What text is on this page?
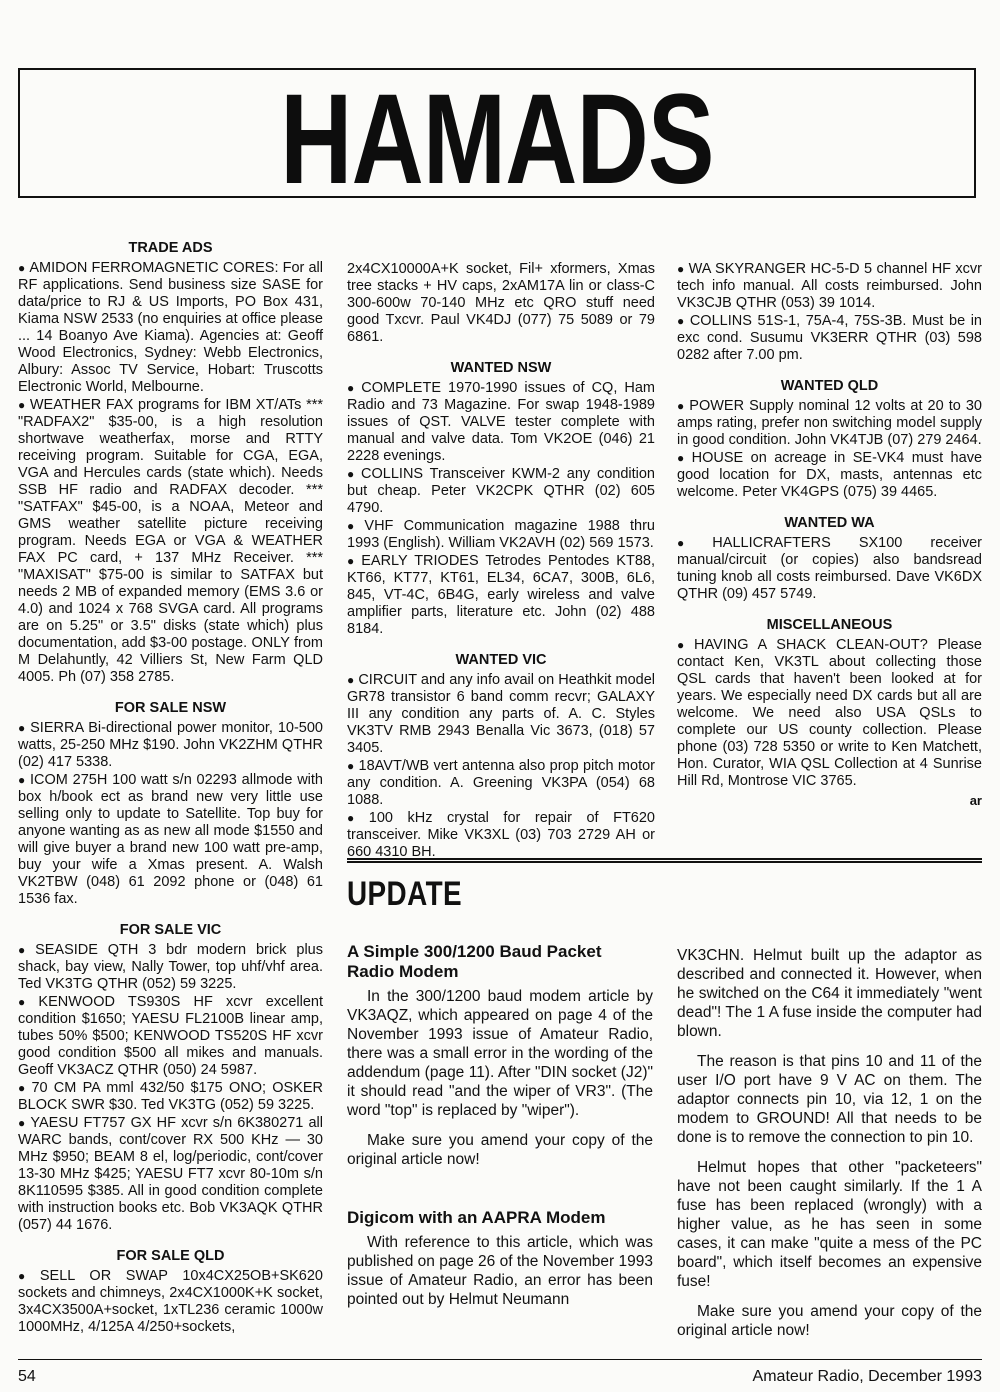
HAMADS
TRADE ADS
● AMIDON FERROMAGNETIC CORES: For all RF applications. Send business size SASE for data/price to RJ & US Imports, PO Box 431, Kiama NSW 2533 (no enquiries at office please ... 14 Boanyo Ave Kiama). Agencies at: Geoff Wood Electronics, Sydney: Webb Electronics, Albury: Assoc TV Service, Hobart: Truscotts Electronic World, Melbourne.
● WEATHER FAX programs for IBM XT/ATs *** "RADFAX2" $35-00, is a high resolution shortwave weatherfax, morse and RTTY receiving program. Suitable for CGA, EGA, VGA and Hercules cards (state which). Needs SSB HF radio and RADFAX decoder. *** "SATFAX" $45-00, is a NOAA, Meteor and GMS weather satellite picture receiving program. Needs EGA or VGA & WEATHER FAX PC card, + 137 MHz Receiver. *** "MAXISAT" $75-00 is similar to SATFAX but needs 2 MB of expanded memory (EMS 3.6 or 4.0) and 1024 x 768 SVGA card. All programs are on 5.25" or 3.5" disks (state which) plus documentation, add $3-00 postage. ONLY from M Delahuntly, 42 Villiers St, New Farm QLD 4005. Ph (07) 358 2785.
FOR SALE NSW
● SIERRA Bi-directional power monitor, 10-500 watts, 25-250 MHz $190. John VK2ZHM QTHR (02) 417 5338.
● ICOM 275H 100 watt s/n 02293 allmode with box h/book ect as brand new very little use selling only to update to Satellite. Top buy for anyone wanting as as new all mode $1550 and will give buyer a brand new 100 watt pre-amp, buy your wife a Xmas present. A. Walsh VK2TBW (048) 61 2092 phone or (048) 61 1536 fax.
FOR SALE VIC
● SEASIDE QTH 3 bdr modern brick plus shack, bay view, Nally Tower, top uhf/vhf area. Ted VK3TG QTHR (052) 59 3225.
● KENWOOD TS930S HF xcvr excellent condition $1650; YAESU FL2100B linear amp, tubes 50% $500; KENWOOD TS520S HF xcvr good condition $500 all mikes and manuals. Geoff VK3ACZ QTHR (050) 24 5987.
● 70 CM PA mml 432/50 $175 ONO; OSKER BLOCK SWR $30. Ted VK3TG (052) 59 3225.
● YAESU FT757 GX HF xcvr s/n 6K380271 all WARC bands, cont/cover RX 500 KHz — 30 MHz $950; BEAM 8 el, log/periodic, cont/cover 13-30 MHz $425; YAESU FT7 xcvr 80-10m s/n 8K110595 $385. All in good condition complete with instruction books etc. Bob VK3AQK QTHR (057) 44 1676.
FOR SALE QLD
● SELL OR SWAP 10x4CX25OB+SK620 sockets and chimneys, 2x4CX1000K+K socket, 3x4CX3500A+socket, 1xTL236 ceramic 1000w 1000MHz, 4/125A 4/250+sockets,
2x4CX10000A+K socket, Fil+ xformers, Xmas tree stacks + HV caps, 2xAM17A lin or class-C 300-600w 70-140 MHz etc QRO stuff need good Txcvr. Paul VK4DJ (077) 75 5089 or 79 6861.
WANTED NSW
● COMPLETE 1970-1990 issues of CQ, Ham Radio and 73 Magazine. For swap 1948-1989 issues of QST. VALVE tester complete with manual and valve data. Tom VK2OE (046) 21 2228 evenings.
● COLLINS Transceiver KWM-2 any condition but cheap. Peter VK2CPK QTHR (02) 605 4790.
● VHF Communication magazine 1988 thru 1993 (English). William VK2AVH (02) 569 1573.
● EARLY TRIODES Tetrodes Pentodes KT88, KT66, KT77, KT61, EL34, 6CA7, 300B, 6L6, 845, VT-4C, 6B4G, early wireless and valve amplifier parts, literature etc. John (02) 488 8184.
WANTED VIC
● CIRCUIT and any info avail on Heathkit model GR78 transistor 6 band comm recvr; GALAXY III any condition any parts of. A. C. Styles VK3TV RMB 2943 Benalla Vic 3673, (018) 57 3405.
● 18AVT/WB vert antenna also prop pitch motor any condition. A. Greening VK3PA (054) 68 1088.
● 100 kHz crystal for repair of FT620 transceiver. Mike VK3XL (03) 703 2729 AH or 660 4310 BH.
● WA SKYRANGER HC-5-D 5 channel HF xcvr tech info manual. All costs reimbursed. John VK3CJB QTHR (053) 39 1014.
● COLLINS 51S-1, 75A-4, 75S-3B. Must be in exc cond. Susumu VK3ERR QTHR (03) 598 0282 after 7.00 pm.
WANTED QLD
● POWER Supply nominal 12 volts at 20 to 30 amps rating, prefer non switching model supply in good condition. John VK4TJB (07) 279 2464.
● HOUSE on acreage in SE-VK4 must have good location for DX, masts, antennas etc welcome. Peter VK4GPS (075) 39 4465.
WANTED WA
● HALLICRAFTERS SX100 receiver manual/circuit (or copies) also bandsread tuning knob all costs reimbursed. Dave VK6DX QTHR (09) 457 5749.
MISCELLANEOUS
● HAVING A SHACK CLEAN-OUT? Please contact Ken, VK3TL about collecting those QSL cards that haven't been looked at for years. We especially need DX cards but all are welcome. We need also USA QSLs to complete our US county collection. Please phone (03) 728 5350 or write to Ken Matchett, Hon. Curator, WIA QSL Collection at 4 Sunrise Hill Rd, Montrose VIC 3765.
ar
UPDATE
A Simple 300/1200 Baud Packet Radio Modem

In the 300/1200 baud modem article by VK3AQZ, which appeared on page 4 of the November 1993 issue of Amateur Radio, there was a small error in the wording of the addendum (page 11). After "DIN socket (J2)" it should read "and the wiper of VR3". (The word "top" is replaced by "wiper").

Make sure you amend your copy of the original article now!

Digicom with an AAPRA Modem

With reference to this article, which was published on page 26 of the November 1993 issue of Amateur Radio, an error has been pointed out by Helmut Neumann

VK3CHN. Helmut built up the adaptor as described and connected it. However, when he switched on the C64 it immediately "went dead"! The 1 A fuse inside the computer had blown.

The reason is that pins 10 and 11 of the user I/O port have 9 V AC on them. The adaptor connects pin 10, via 12, 1 on the modem to GROUND! All that needs to be done is to remove the connection to pin 10.

Helmut hopes that other "packeteers" have not been caught similarly. If the 1 A fuse has been replaced (wrongly) with a higher value, as he has seen in some cases, it can make "quite a mess of the PC board", which itself becomes an expensive fuse!

Make sure you amend your copy of the original article now!

54	Amateur Radio, December 1993
